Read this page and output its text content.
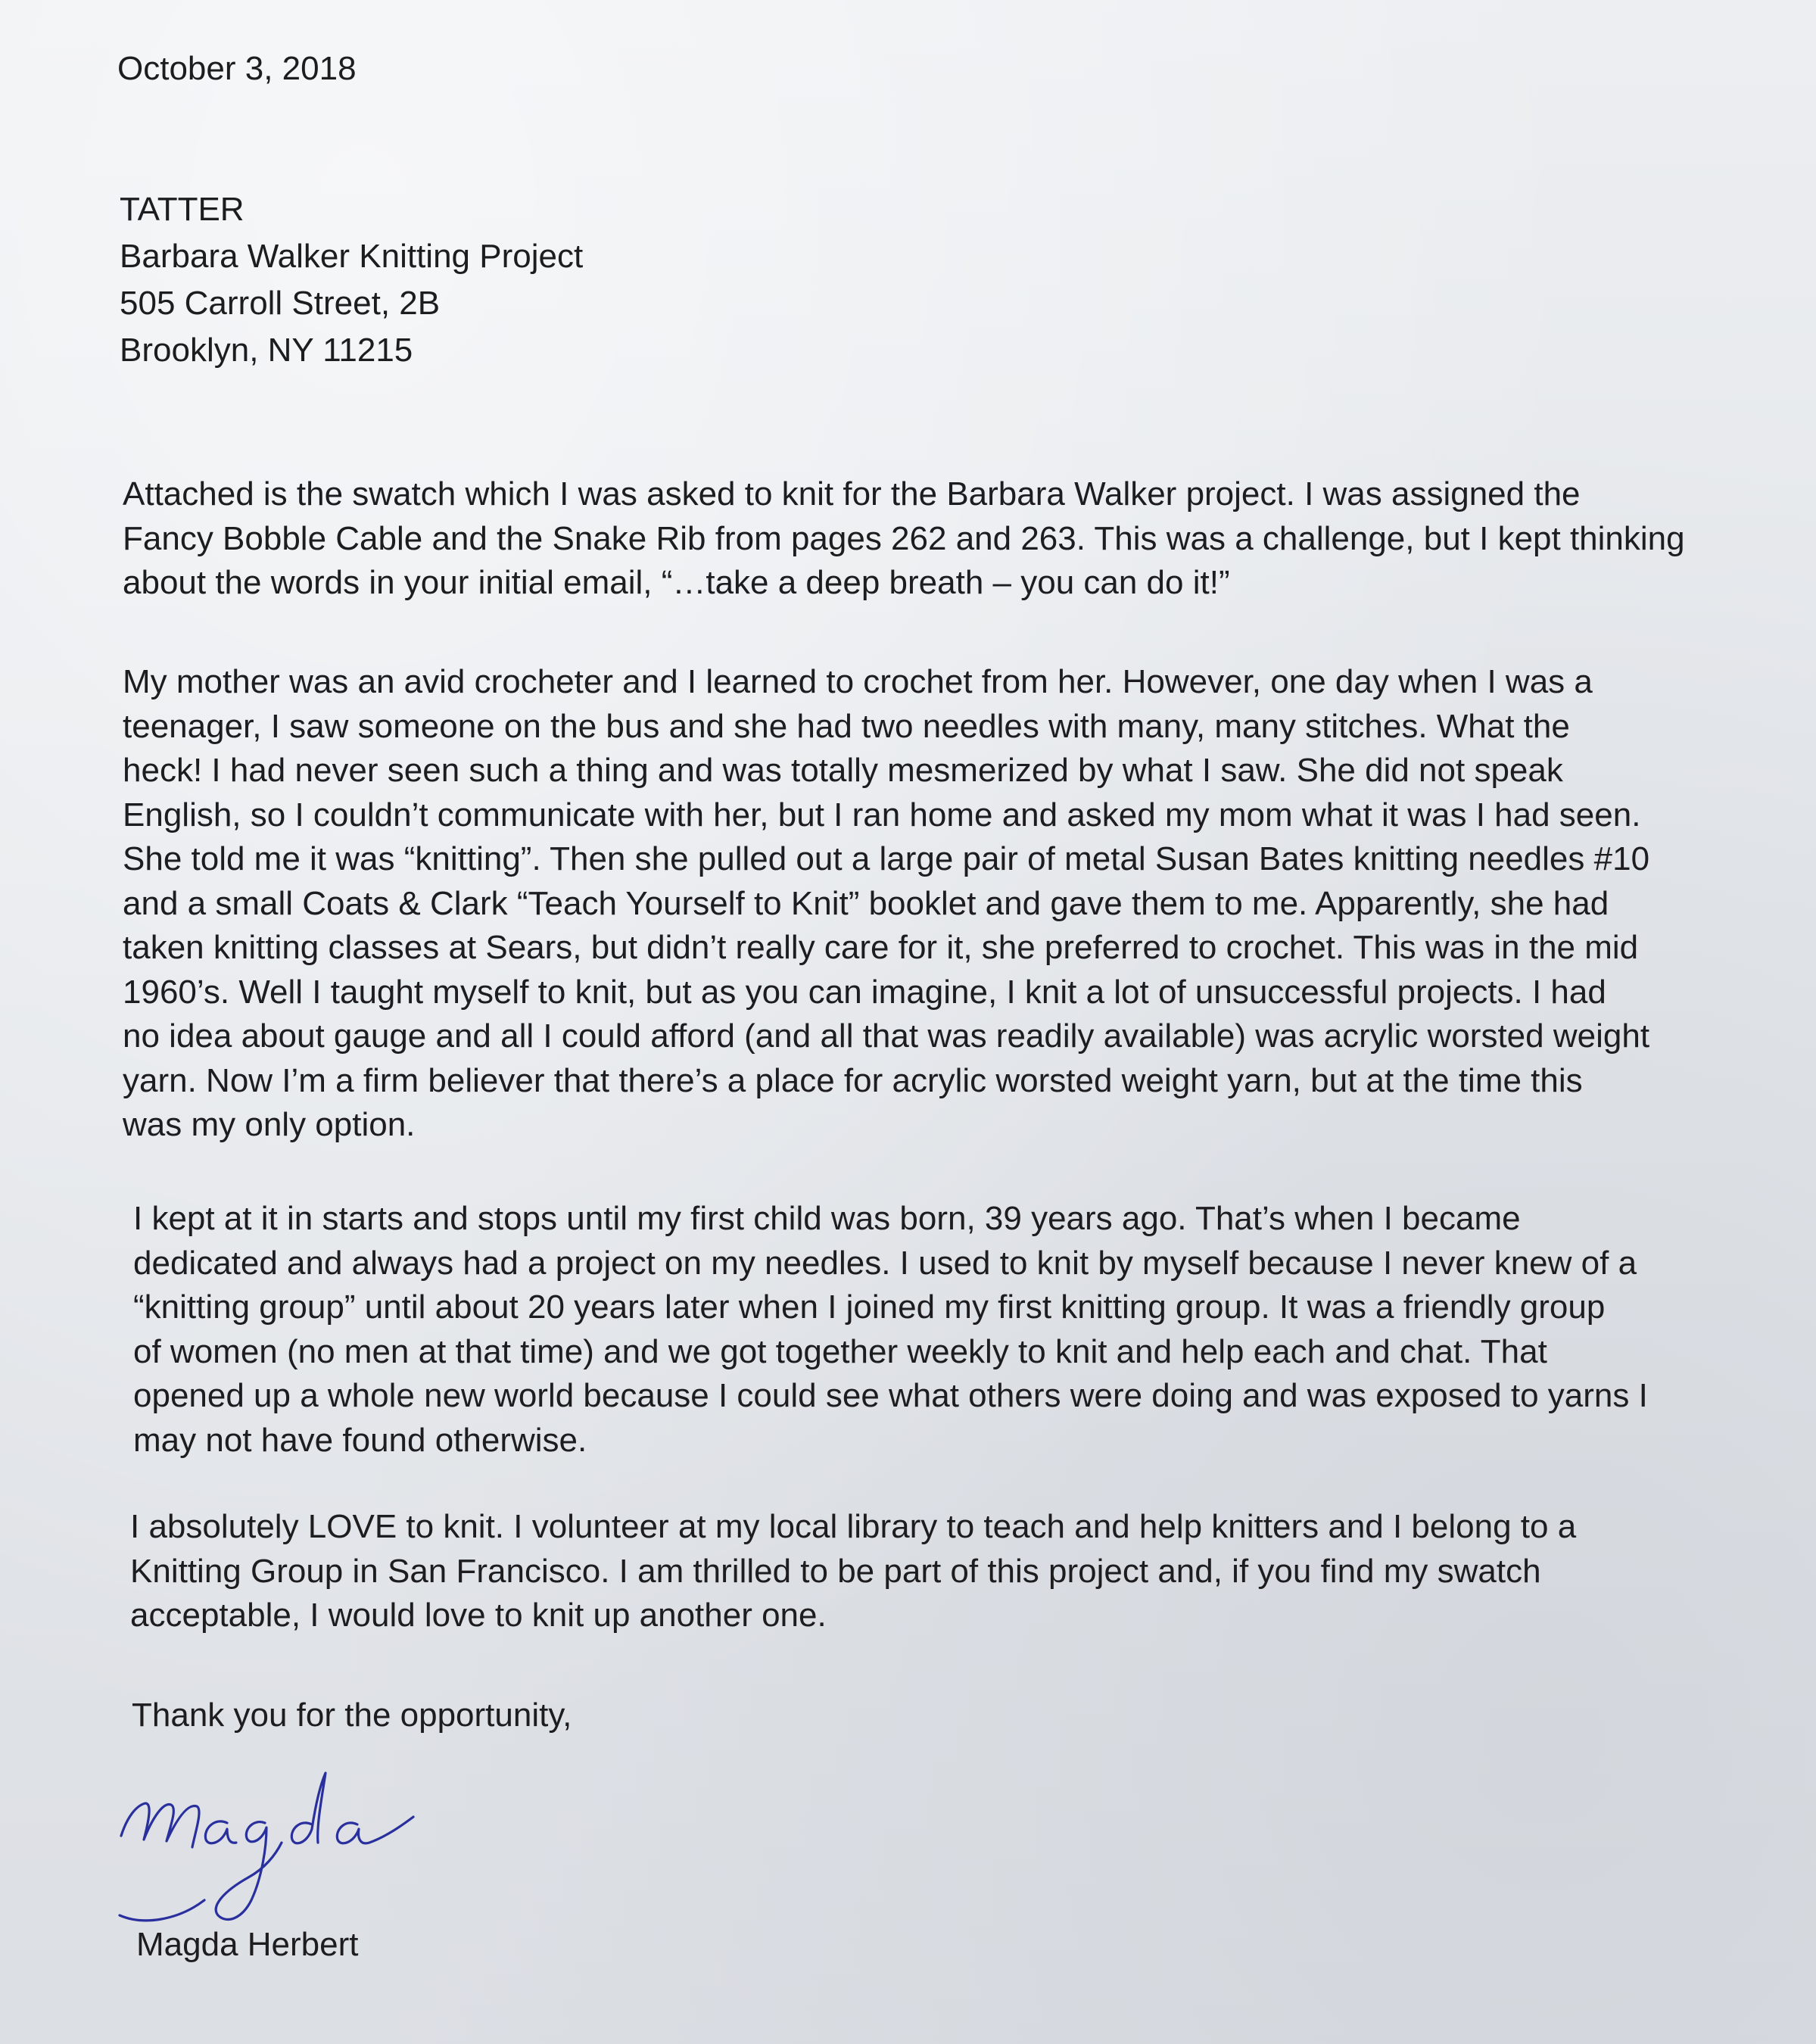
October 3, 2018
TATTER
Barbara Walker Knitting Project
505 Carroll Street, 2B
Brooklyn, NY 11215
Attached is the swatch which I was asked to knit for the Barbara Walker project. I was assigned the
Fancy Bobble Cable and the Snake Rib from pages 262 and 263. This was a challenge, but I kept thinking
about the words in your initial email, “…take a deep breath – you can do it!”
My mother was an avid crocheter and I learned to crochet from her. However, one day when I was a
teenager, I saw someone on the bus and she had two needles with many, many stitches. What the
heck! I had never seen such a thing and was totally mesmerized by what I saw. She did not speak
English, so I couldn’t communicate with her, but I ran home and asked my mom what it was I had seen.
She told me it was “knitting”. Then she pulled out a large pair of metal Susan Bates knitting needles #10
and a small Coats & Clark “Teach Yourself to Knit” booklet and gave them to me. Apparently, she had
taken knitting classes at Sears, but didn’t really care for it, she preferred to crochet. This was in the mid
1960’s. Well I taught myself to knit, but as you can imagine, I knit a lot of unsuccessful projects. I had
no idea about gauge and all I could afford (and all that was readily available) was acrylic worsted weight
yarn. Now I’m a firm believer that there’s a place for acrylic worsted weight yarn, but at the time this
was my only option.
I kept at it in starts and stops until my first child was born, 39 years ago. That’s when I became
dedicated and always had a project on my needles. I used to knit by myself because I never knew of a
“knitting group” until about 20 years later when I joined my first knitting group. It was a friendly group
of women (no men at that time) and we got together weekly to knit and help each and chat. That
opened up a whole new world because I could see what others were doing and was exposed to yarns I
may not have found otherwise.
I absolutely LOVE to knit. I volunteer at my local library to teach and help knitters and I belong to a
Knitting Group in San Francisco. I am thrilled to be part of this project and, if you find my swatch
acceptable, I would love to knit up another one.
Thank you for the opportunity,
Magda Herbert
